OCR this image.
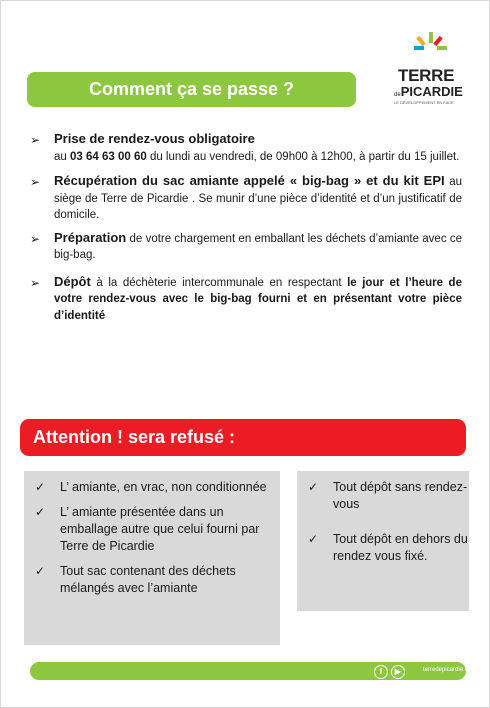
Comment ça se passe ?
TERRE
dePICARDIE
LE DÉVELOPPEMENT EN FACE
➢ Prise de rendez-vous obligatoire
au 03 64 63 00 60 du lundi au vendredi, de 09h00 à 12h00, à partir du 15 juillet.
➢ Récupération du sac amiante appelé « big-bag » et du kit EPI au siège de Terre de Picardie . Se munir d’une pièce d’identité et d’un justificatif de domicile.
➢ Préparation de votre chargement en emballant les déchets d’amiante avec ce big-bag.
➢ Dépôt à la déchèterie intercommunale en respectant le jour et l’heure de votre rendez-vous avec le big-bag fourni et en présentant votre pièce d’identité
Attention ! sera refusé :
✓ L’ amiante, en vrac, non conditionnée
✓ L’ amiante présentée dans un emballage autre que celui fourni par Terre de Picardie
✓ Tout sac contenant des déchets mélangés avec l’amiante
✓ Tout dépôt sans rendez-vous
✓ Tout dépôt en dehors du rendez vous fixé.
f	▶	terredepicardie.fr
